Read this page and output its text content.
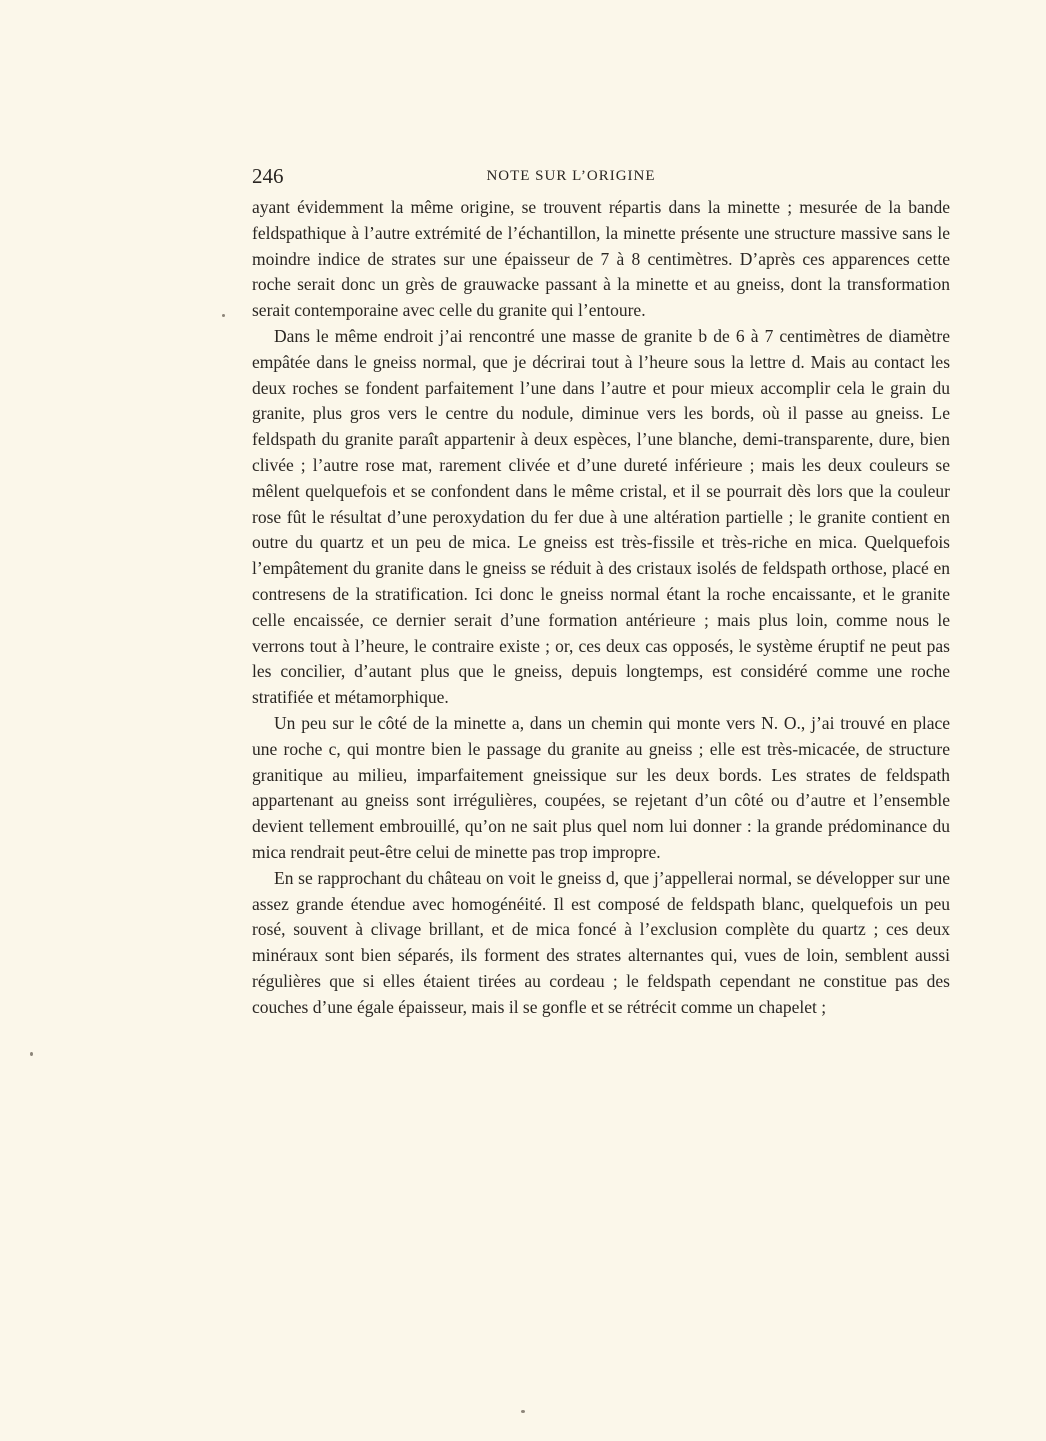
246	NOTE SUR L’ORIGINE

ayant évidemment la même origine, se trouvent répartis dans la minette ; mesurée de la bande feldspathique à l’autre extrémité de l’échantillon, la minette présente une structure massive sans le moindre indice de strates sur une épaisseur de 7 à 8 centimètres. D’après ces apparences cette roche serait donc un grès de grauwacke passant à la minette et au gneiss, dont la transformation serait contemporaine avec celle du granite qui l’entoure.

Dans le même endroit j’ai rencontré une masse de granite b de 6 à 7 centimètres de diamètre empâtée dans le gneiss normal, que je décrirai tout à l’heure sous la lettre d. Mais au contact les deux roches se fondent parfaitement l’une dans l’autre et pour mieux accomplir cela le grain du granite, plus gros vers le centre du nodule, diminue vers les bords, où il passe au gneiss. Le feldspath du granite paraît appartenir à deux espèces, l’une blanche, demi-transparente, dure, bien clivée ; l’autre rose mat, rarement clivée et d’une dureté inférieure ; mais les deux couleurs se mêlent quelquefois et se confondent dans le même cristal, et il se pourrait dès lors que la couleur rose fût le résultat d’une peroxydation du fer due à une altération partielle ; le granite contient en outre du quartz et un peu de mica. Le gneiss est très-fissile et très-riche en mica. Quelquefois l’empâtement du granite dans le gneiss se réduit à des cristaux isolés de feldspath orthose, placé en contresens de la stratification. Ici donc le gneiss normal étant la roche encaissante, et le granite celle encaissée, ce dernier serait d’une formation antérieure ; mais plus loin, comme nous le verrons tout à l’heure, le contraire existe ; or, ces deux cas opposés, le système éruptif ne peut pas les concilier, d’autant plus que le gneiss, depuis longtemps, est considéré comme une roche stratifiée et métamorphique.

Un peu sur le côté de la minette a, dans un chemin qui monte vers N. O., j’ai trouvé en place une roche c, qui montre bien le passage du granite au gneiss ; elle est très-micacée, de structure granitique au milieu, imparfaitement gneissique sur les deux bords. Les strates de feldspath appartenant au gneiss sont irrégulières, coupées, se rejetant d’un côté ou d’autre et l’ensemble devient tellement embrouillé, qu’on ne sait plus quel nom lui donner : la grande prédominance du mica rendrait peut-être celui de minette pas trop impropre.

En se rapprochant du château on voit le gneiss d, que j’appellerai normal, se développer sur une assez grande étendue avec homogénéité. Il est composé de feldspath blanc, quelquefois un peu rosé, souvent à clivage brillant, et de mica foncé à l’exclusion complète du quartz ; ces deux minéraux sont bien séparés, ils forment des strates alternantes qui, vues de loin, semblent aussi régulières que si elles étaient tirées au cordeau ; le feldspath cependant ne constitue pas des couches d’une égale épaisseur, mais il se gonfle et se rétrécit comme un chapelet ;
